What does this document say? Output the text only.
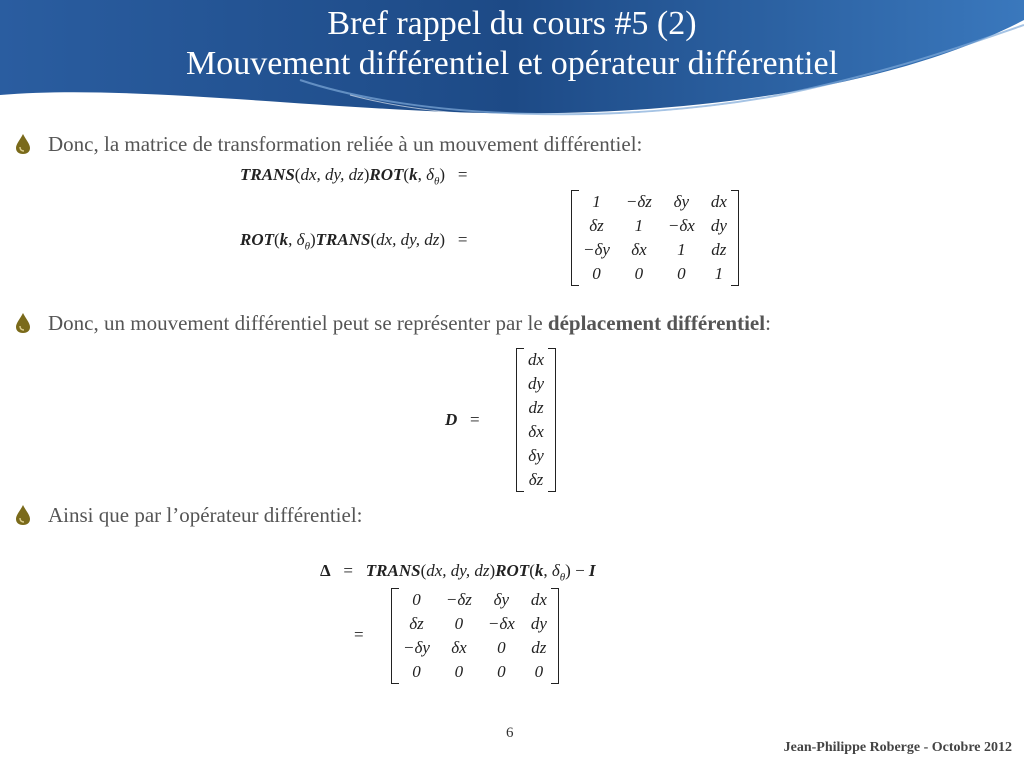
Bref rappel du cours #5 (2)
Mouvement différentiel et opérateur différentiel
Donc, la matrice de transformation reliée à un mouvement différentiel:
TRANS(dx, dy, dz)ROT(k, $\delta_\theta$)   =
ROT(k, $\delta_\theta)TRANS(dx$, dy, dz)   =
1	−δz	δy	dx
δz	1	−δx	dy
−δy	δx	1	dz
0	0	0	1
Donc, un mouvement différentiel peut se représenter par le déplacement différentiel:
D   =
dx
dy
dz
δx
δy
δz
Ainsi que par l’opérateur différentiel:
Δ   =   TRANS(dx, dy, dz)ROT(k, $\delta_\theta) - I$
=
0	−δz	δy	dx
δz	0	−δx	dy
−δy	δx	0	dz
0	0	0	0
6
Jean-Philippe Roberge - Octobre 2012
